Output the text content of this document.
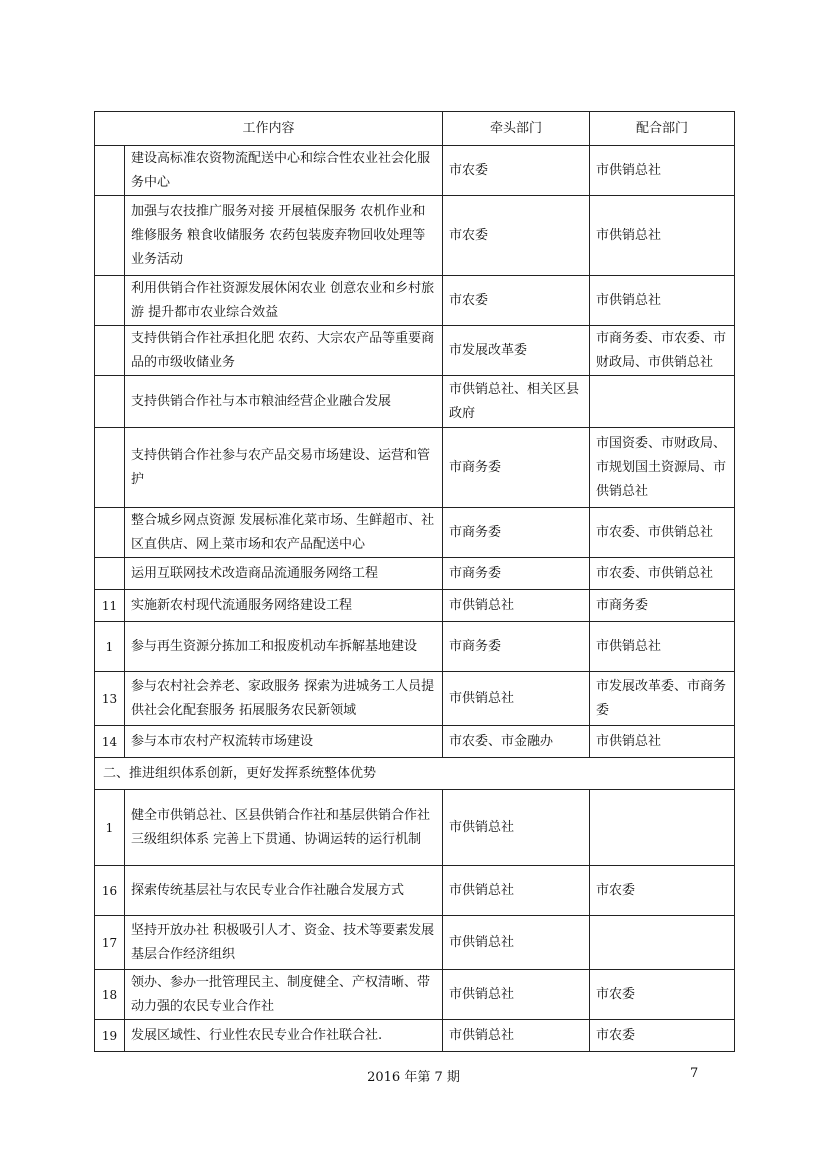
工作内容		牵头部门	配合部门
	建设高标准农资物流配送中心和综合性农业社会化服务中心	市农委	市供销总社
	加强与农技推广服务对接 开展植保服务 农机作业和维修服务 粮食收储服务 农药包装废弃物回收处理等业务活动	市农委	市供销总社
	利用供销合作社资源发展休闲农业 创意农业和乡村旅游 提升都市农业综合效益	市农委	市供销总社
	支持供销合作社承担化肥 农药、大宗农产品等重要商品的市级收储业务	市发展改革委	市商务委、市农委、市财政局、市供销总社
	支持供销合作社与本市粮油经营企业融合发展	市供销总社、相关区县政府	
	支持供销合作社参与农产品交易市场建设、运营和管护	市商务委	市国资委、市财政局、市规划国土资源局、市供销总社
	整合城乡网点资源 发展标准化菜市场、生鲜超市、社区直供店、网上菜市场和农产品配送中心	市商务委	市农委、市供销总社
	运用互联网技术改造商品流通服务网络工程	市商务委	市农委、市供销总社
11	实施新农村现代流通服务网络建设工程	市供销总社	市商务委
1	参与再生资源分拣加工和报废机动车拆解基地建设	市商务委	市供销总社
13	参与农村社会养老、家政服务 探索为进城务工人员提供社会化配套服务 拓展服务农民新领域	市供销总社	市发展改革委、市商务委
14	参与本市农村产权流转市场建设	市农委、市金融办	市供销总社
二、推进组织体系创新，更好发挥系统整体优势			
1	健全市供销总社、区县供销合作社和基层供销合作社三级组织体系 完善上下贯通、协调运转的运行机制	市供销总社	
16	探索传统基层社与农民专业合作社融合发展方式	市供销总社	市农委
17	坚持开放办社 积极吸引人才、资金、技术等要素发展基层合作经济组织	市供销总社	
18	领办、参办一批管理民主、制度健全、产权清晰、带动力强的农民专业合作社	市供销总社	市农委
19	发展区域性、行业性农民专业合作社联合社.	市供销总社	市农委
2016 年第 7 期	7
